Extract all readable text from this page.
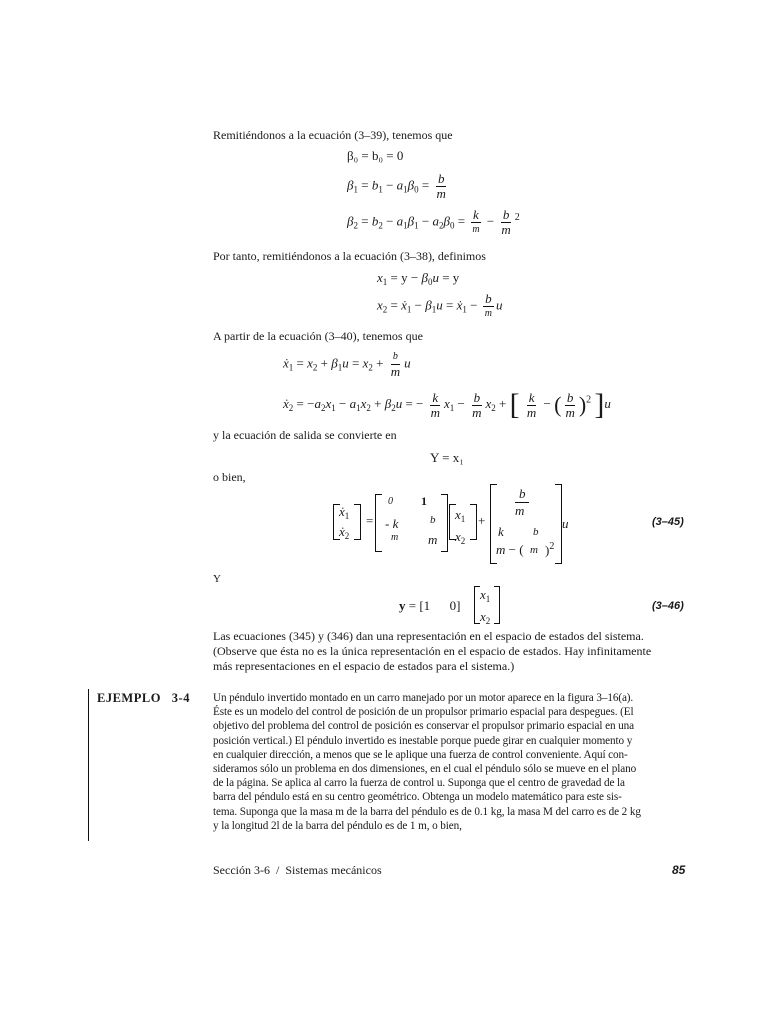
Remitiéndonos a la ecuación (3–39), tenemos que
β₀ = b₀ = 0
$\beta_1 = b_1 - a_1\beta_0 = \frac{b}{m}$
$\beta_2 = b_2 - a_1\beta_1 - a_2\beta_0 = \frac{k}{m} - \frac{b}{m} ^2$
Por tanto, remitiéndonos a la ecuación (3–38), definimos
$x_1 = y - \beta_0u = y$
$x_2$ = ẋ$_1$ − $\beta_1u$ = ẋ$_1$ − $\frac{b}{m}$ u
A partir de la ecuación (3–40), tenemos que
ẋ$_1$ = $x_2 + \beta_1u = x_2 + \frac{b}{m}$ u
ẋ$_2$ = $-a_2x_1 - a_1x_2 + \beta_2u$ = − $\frac{k}{m} x_1 - \frac{b}{m} x_2$ + [ $\frac{k}{m}$ − ( $\frac{b}{m} )^2$ ]u
y la ecuación de salida se convierte en
Y = x₁
o bien,
ẋ$_1$
ẋ$_2$
=
0 1
- k
m
b
m
$x_1$
$x_2$
+
b
m
k
m − (
b
m )$^2$
u	(3–45)
Y
y = [1      0]
$x_1$
$x_2$
(3–46)
Las ecuaciones (345) y (346) dan una representación en el espacio de estados del sistema.
(Observe que ésta no es la única representación en el espacio de estados. Hay infinitamente
más representaciones en el espacio de estados para el sistema.)
EJEMPLO   3-4 Un péndulo invertido montado en un carro manejado por un motor aparece en la figura 3–16(a).
Éste es un modelo del control de posición de un propulsor primario espacial para despegues. (El
objetivo del problema del control de posición es conservar el propulsor primario espacial en una
posición vertical.) El péndulo invertido es inestable porque puede girar en cualquier momento y
en cualquier dirección, a menos que se le aplique una fuerza de control conveniente. Aquí con-
sideramos sólo un problema en dos dimensiones, en el cual el péndulo sólo se mueve en el plano
de la página. Se aplica al carro la fuerza de control u. Suponga que el centro de gravedad de la
barra del péndulo está en su centro geométrico. Obtenga un modelo matemático para este sis-
tema. Suponga que la masa m de la barra del péndulo es de 0.1 kg, la masa M del carro es de 2 kg
y la longitud 2l de la barra del péndulo es de 1 m, o bien,
Sección 3-6  /  Sistemas mecánicos	85
